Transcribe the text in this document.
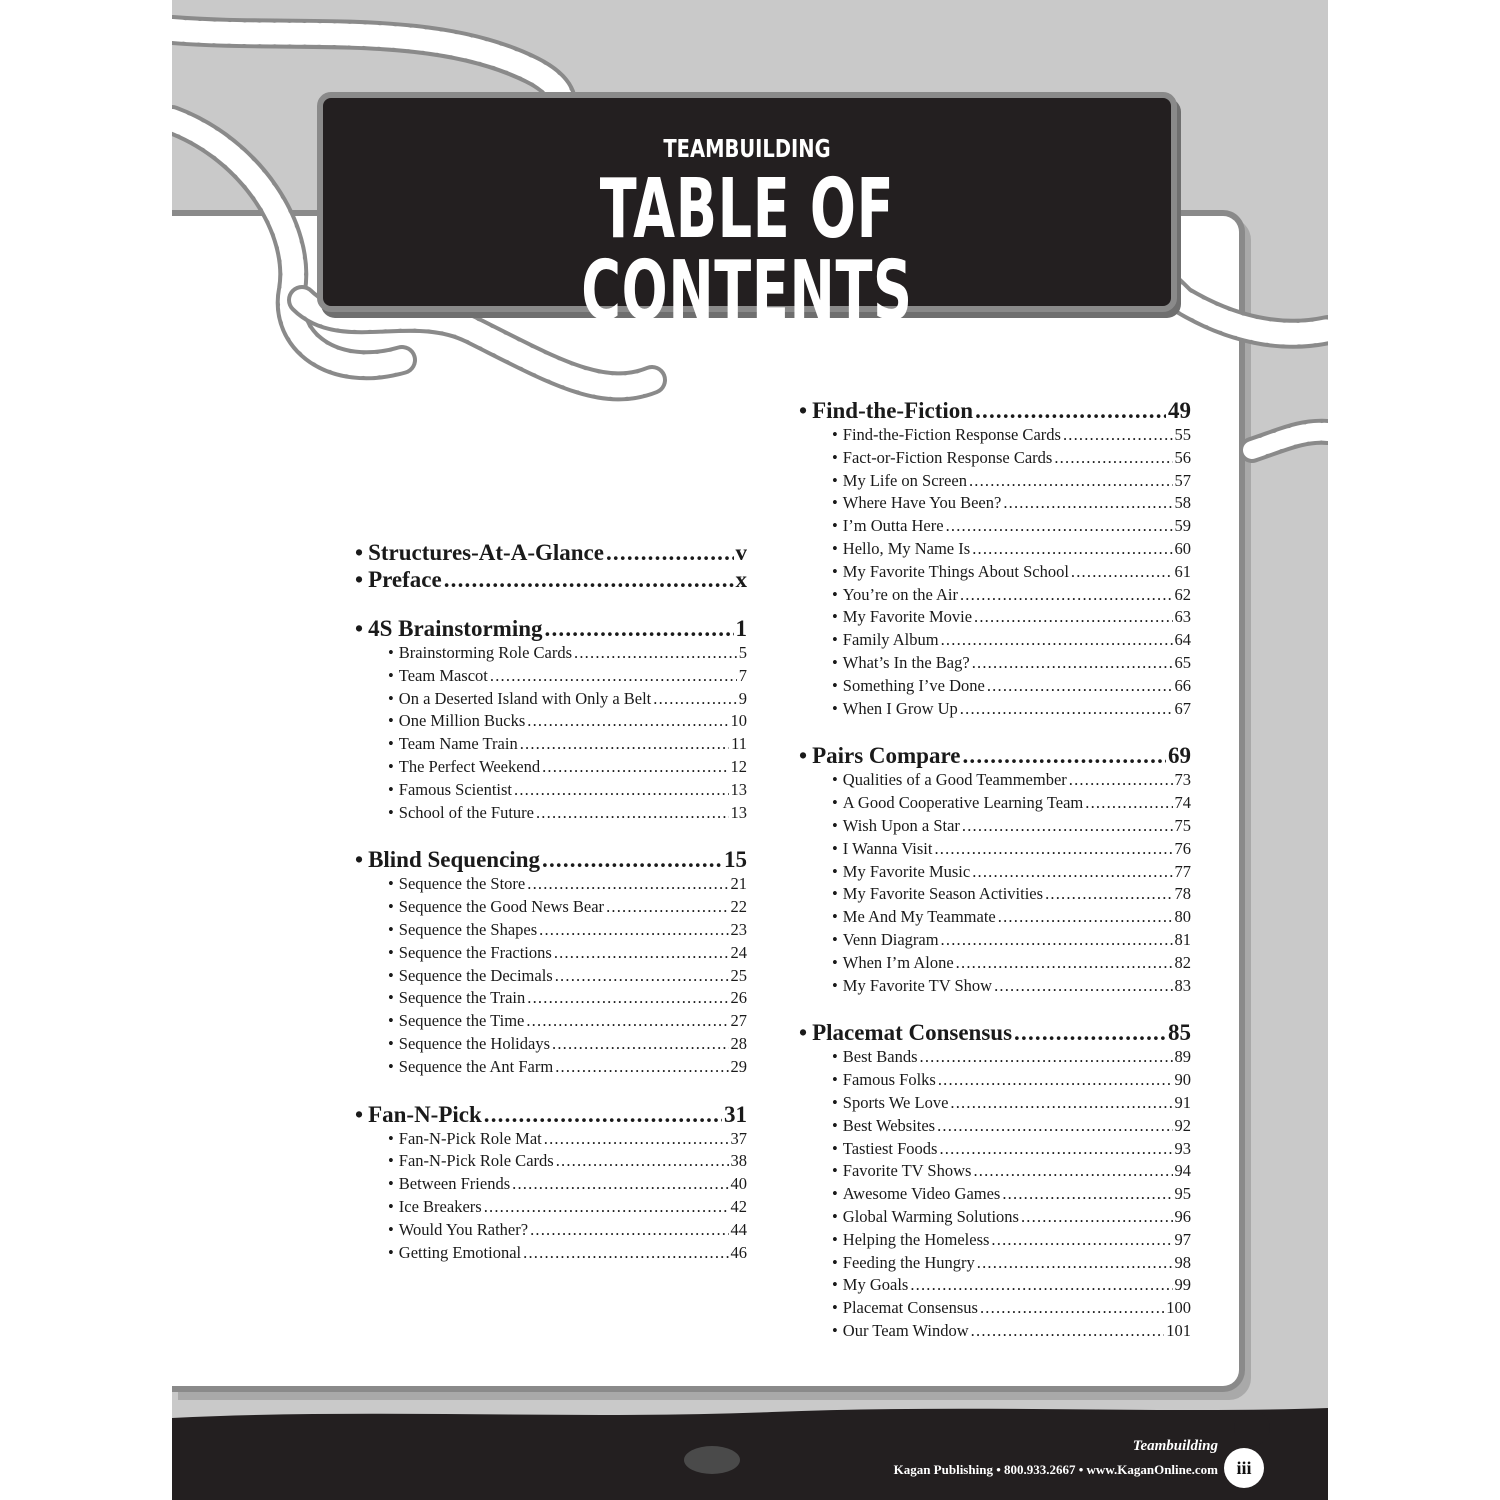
TEAMBUILDING
TABLE OF CONTENTS
Teambuilding
Kagan Publishing • 800.933.2667 • www.KaganOnline.com	iii
• Structures-At-A-Glance .....	v
• Preface .....	x
• 4S Brainstorming .....	1
• Brainstorming Role Cards .....	5
• Team Mascot .....	7
• On a Deserted Island with Only a Belt .....	9
• One Million Bucks .....	10
• Team Name Train .....	11
• The Perfect Weekend .....	12
• Famous Scientist .....	13
• School of the Future .....	13
• Blind Sequencing .....	15
• Sequence the Store .....	21
• Sequence the Good News Bear .....	22
• Sequence the Shapes .....	23
• Sequence the Fractions .....	24
• Sequence the Decimals .....	25
• Sequence the Train .....	26
• Sequence the Time .....	27
• Sequence the Holidays .....	28
• Sequence the Ant Farm .....	29
• Fan-N-Pick .....	31
• Fan-N-Pick Role Mat .....	37
• Fan-N-Pick Role Cards .....	38
• Between Friends .....	40
• Ice Breakers .....	42
• Would You Rather? .....	44
• Getting Emotional .....	46
• Find-the-Fiction .....	49
• Find-the-Fiction Response Cards .....	55
• Fact-or-Fiction Response Cards .....	56
• My Life on Screen .....	57
• Where Have You Been? .....	58
• I’m Outta Here .....	59
• Hello, My Name Is .....	60
• My Favorite Things About School .....	61
• You’re on the Air .....	62
• My Favorite Movie .....	63
• Family Album .....	64
• What’s In the Bag? .....	65
• Something I’ve Done .....	66
• When I Grow Up .....	67
• Pairs Compare .....	69
• Qualities of a Good Teammember .....	73
• A Good Cooperative Learning Team .....	74
• Wish Upon a Star .....	75
• I Wanna Visit .....	76
• My Favorite Music .....	77
• My Favorite Season Activities .....	78
• Me And My Teammate .....	80
• Venn Diagram .....	81
• When I’m Alone .....	82
• My Favorite TV Show .....	83
• Placemat Consensus .....	85
• Best Bands .....	89
• Famous Folks .....	90
• Sports We Love .....	91
• Best Websites .....	92
• Tastiest Foods .....	93
• Favorite TV Shows .....	94
• Awesome Video Games .....	95
• Global Warming Solutions .....	96
• Helping the Homeless .....	97
• Feeding the Hungry .....	98
• My Goals .....	99
• Placemat Consensus .....	100
• Our Team Window .....	101
